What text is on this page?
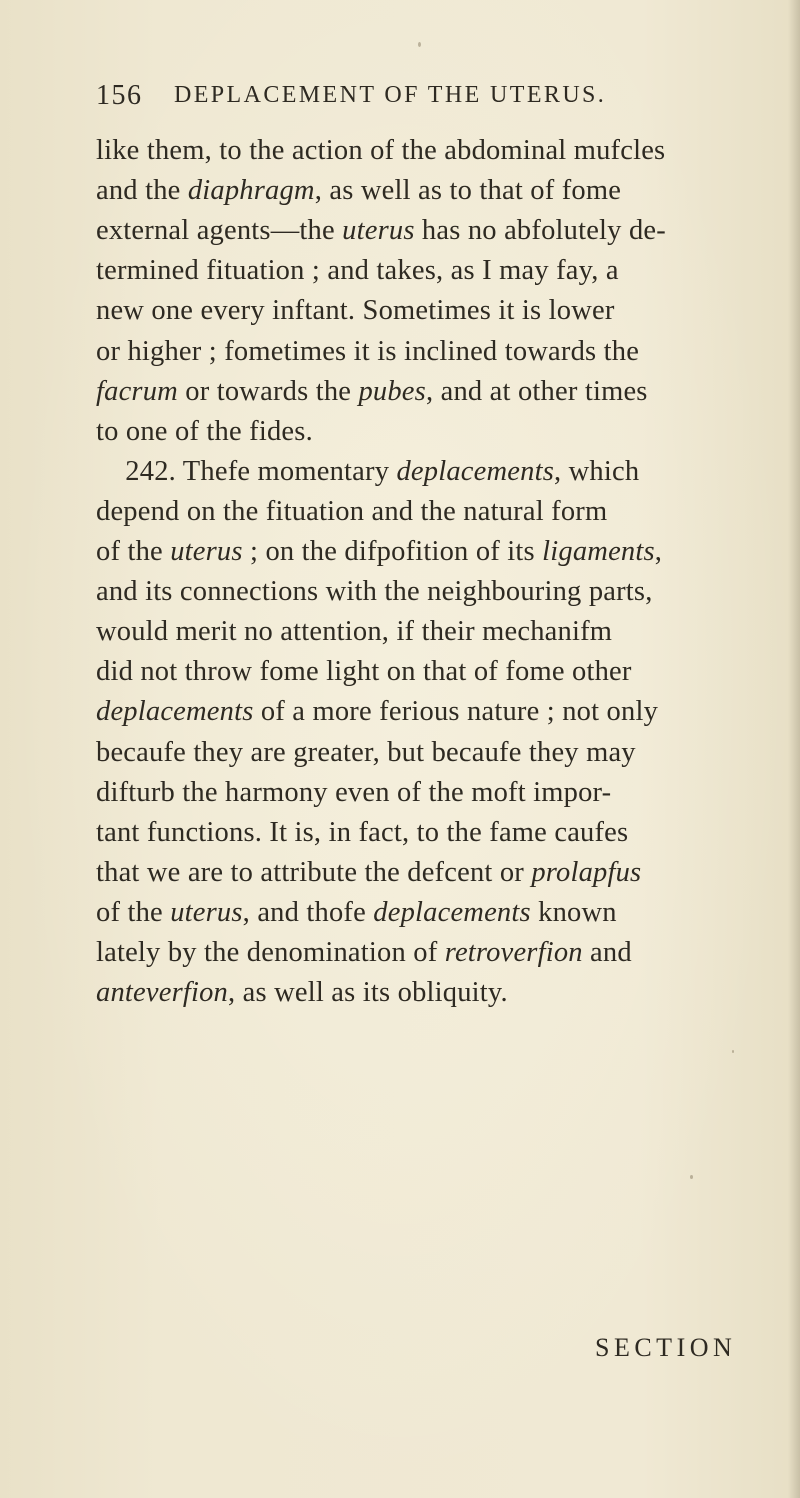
156 DEPLACEMENT OF THE UTERUS.
like them, to the action of the abdominal mufcles
and the diaphragm, as well as to that of fome
external agents—the uterus has no abfolutely de-
termined fituation ; and takes, as I may fay, a
new one every inftant. Sometimes it is lower
or higher ; fometimes it is inclined towards the
facrum or towards the pubes, and at other times
to one of the fides.
242. Thefe momentary deplacements, which
depend on the fituation and the natural form
of the uterus ; on the difpofition of its ligaments,
and its connections with the neighbouring parts,
would merit no attention, if their mechanifm
did not throw fome light on that of fome other
deplacements of a more ferious nature ; not only
becaufe they are greater, but becaufe they may
difturb the harmony even of the moft impor-
tant functions. It is, in fact, to the fame caufes
that we are to attribute the defcent or prolapfus
of the uterus, and thofe deplacements known
lately by the denomination of retroverfion and
anteverfion, as well as its obliquity.
SECTION
